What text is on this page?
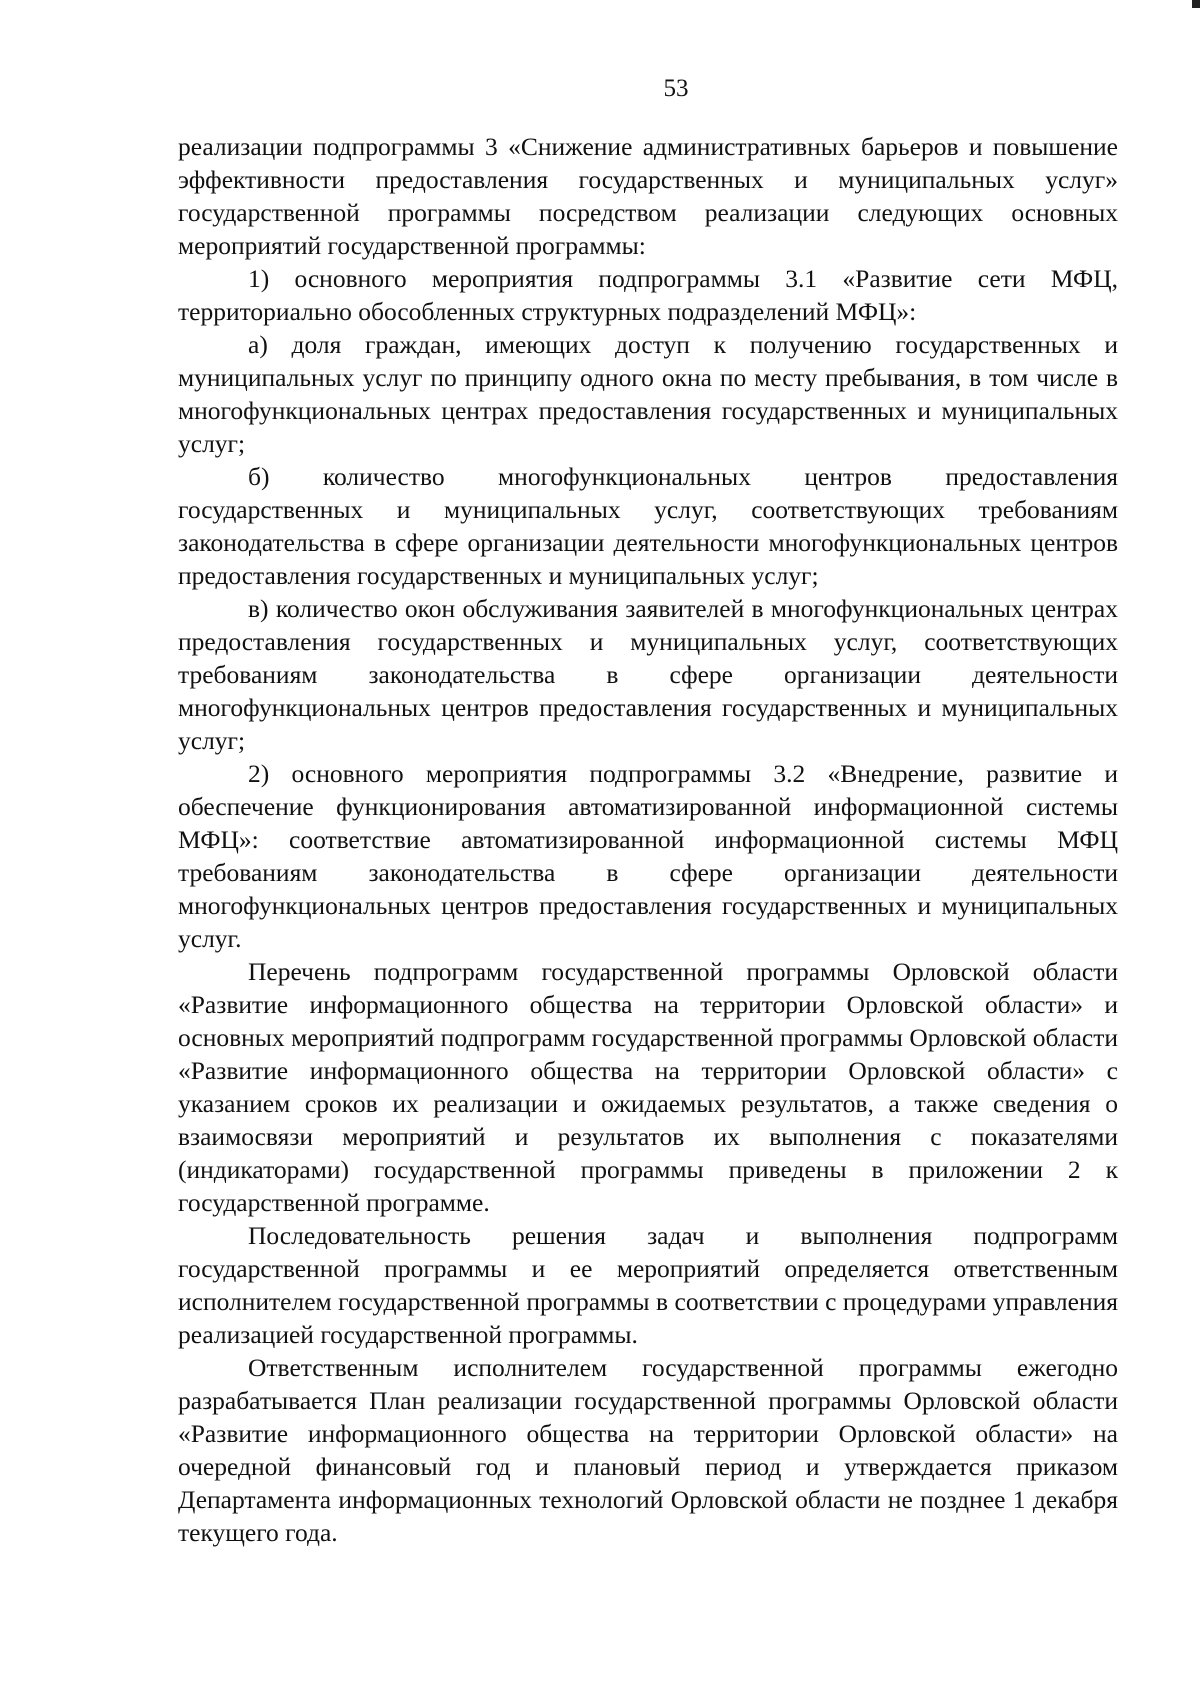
53

реализации подпрограммы 3 «Снижение административных барьеров и повышение эффективности предоставления государственных и муниципальных услуг» государственной программы посредством реализации следующих основных мероприятий государственной программы:

1) основного мероприятия подпрограммы 3.1 «Развитие сети МФЦ, территориально обособленных структурных подразделений МФЦ»:

а) доля граждан, имеющих доступ к получению государственных и муниципальных услуг по принципу одного окна по месту пребывания, в том числе в многофункциональных центрах предоставления государственных и муниципальных услуг;

б) количество многофункциональных центров предоставления государственных и муниципальных услуг, соответствующих требованиям законодательства в сфере организации деятельности многофункциональных центров предоставления государственных и муниципальных услуг;

в) количество окон обслуживания заявителей в многофункциональных центрах предоставления государственных и муниципальных услуг, соответствующих требованиям законодательства в сфере организации деятельности многофункциональных центров предоставления государственных и муниципальных услуг;

2) основного мероприятия подпрограммы 3.2 «Внедрение, развитие и обеспечение функционирования автоматизированной информационной системы МФЦ»: соответствие автоматизированной информационной системы МФЦ требованиям законодательства в сфере организации деятельности многофункциональных центров предоставления государственных и муниципальных услуг.

Перечень подпрограмм государственной программы Орловской области «Развитие информационного общества на территории Орловской области» и основных мероприятий подпрограмм государственной программы Орловской области «Развитие информационного общества на территории Орловской области» с указанием сроков их реализации и ожидаемых результатов, а также сведения о взаимосвязи мероприятий и результатов их выполнения с показателями (индикаторами) государственной программы приведены в приложении 2 к государственной программе.

Последовательность решения задач и выполнения подпрограмм государственной программы и ее мероприятий определяется ответственным исполнителем государственной программы в соответствии с процедурами управления реализацией государственной программы.

Ответственным исполнителем государственной программы ежегодно разрабатывается План реализации государственной программы Орловской области «Развитие информационного общества на территории Орловской области» на очередной финансовый год и плановый период и утверждается приказом Департамента информационных технологий Орловской области не позднее 1 декабря текущего года.
